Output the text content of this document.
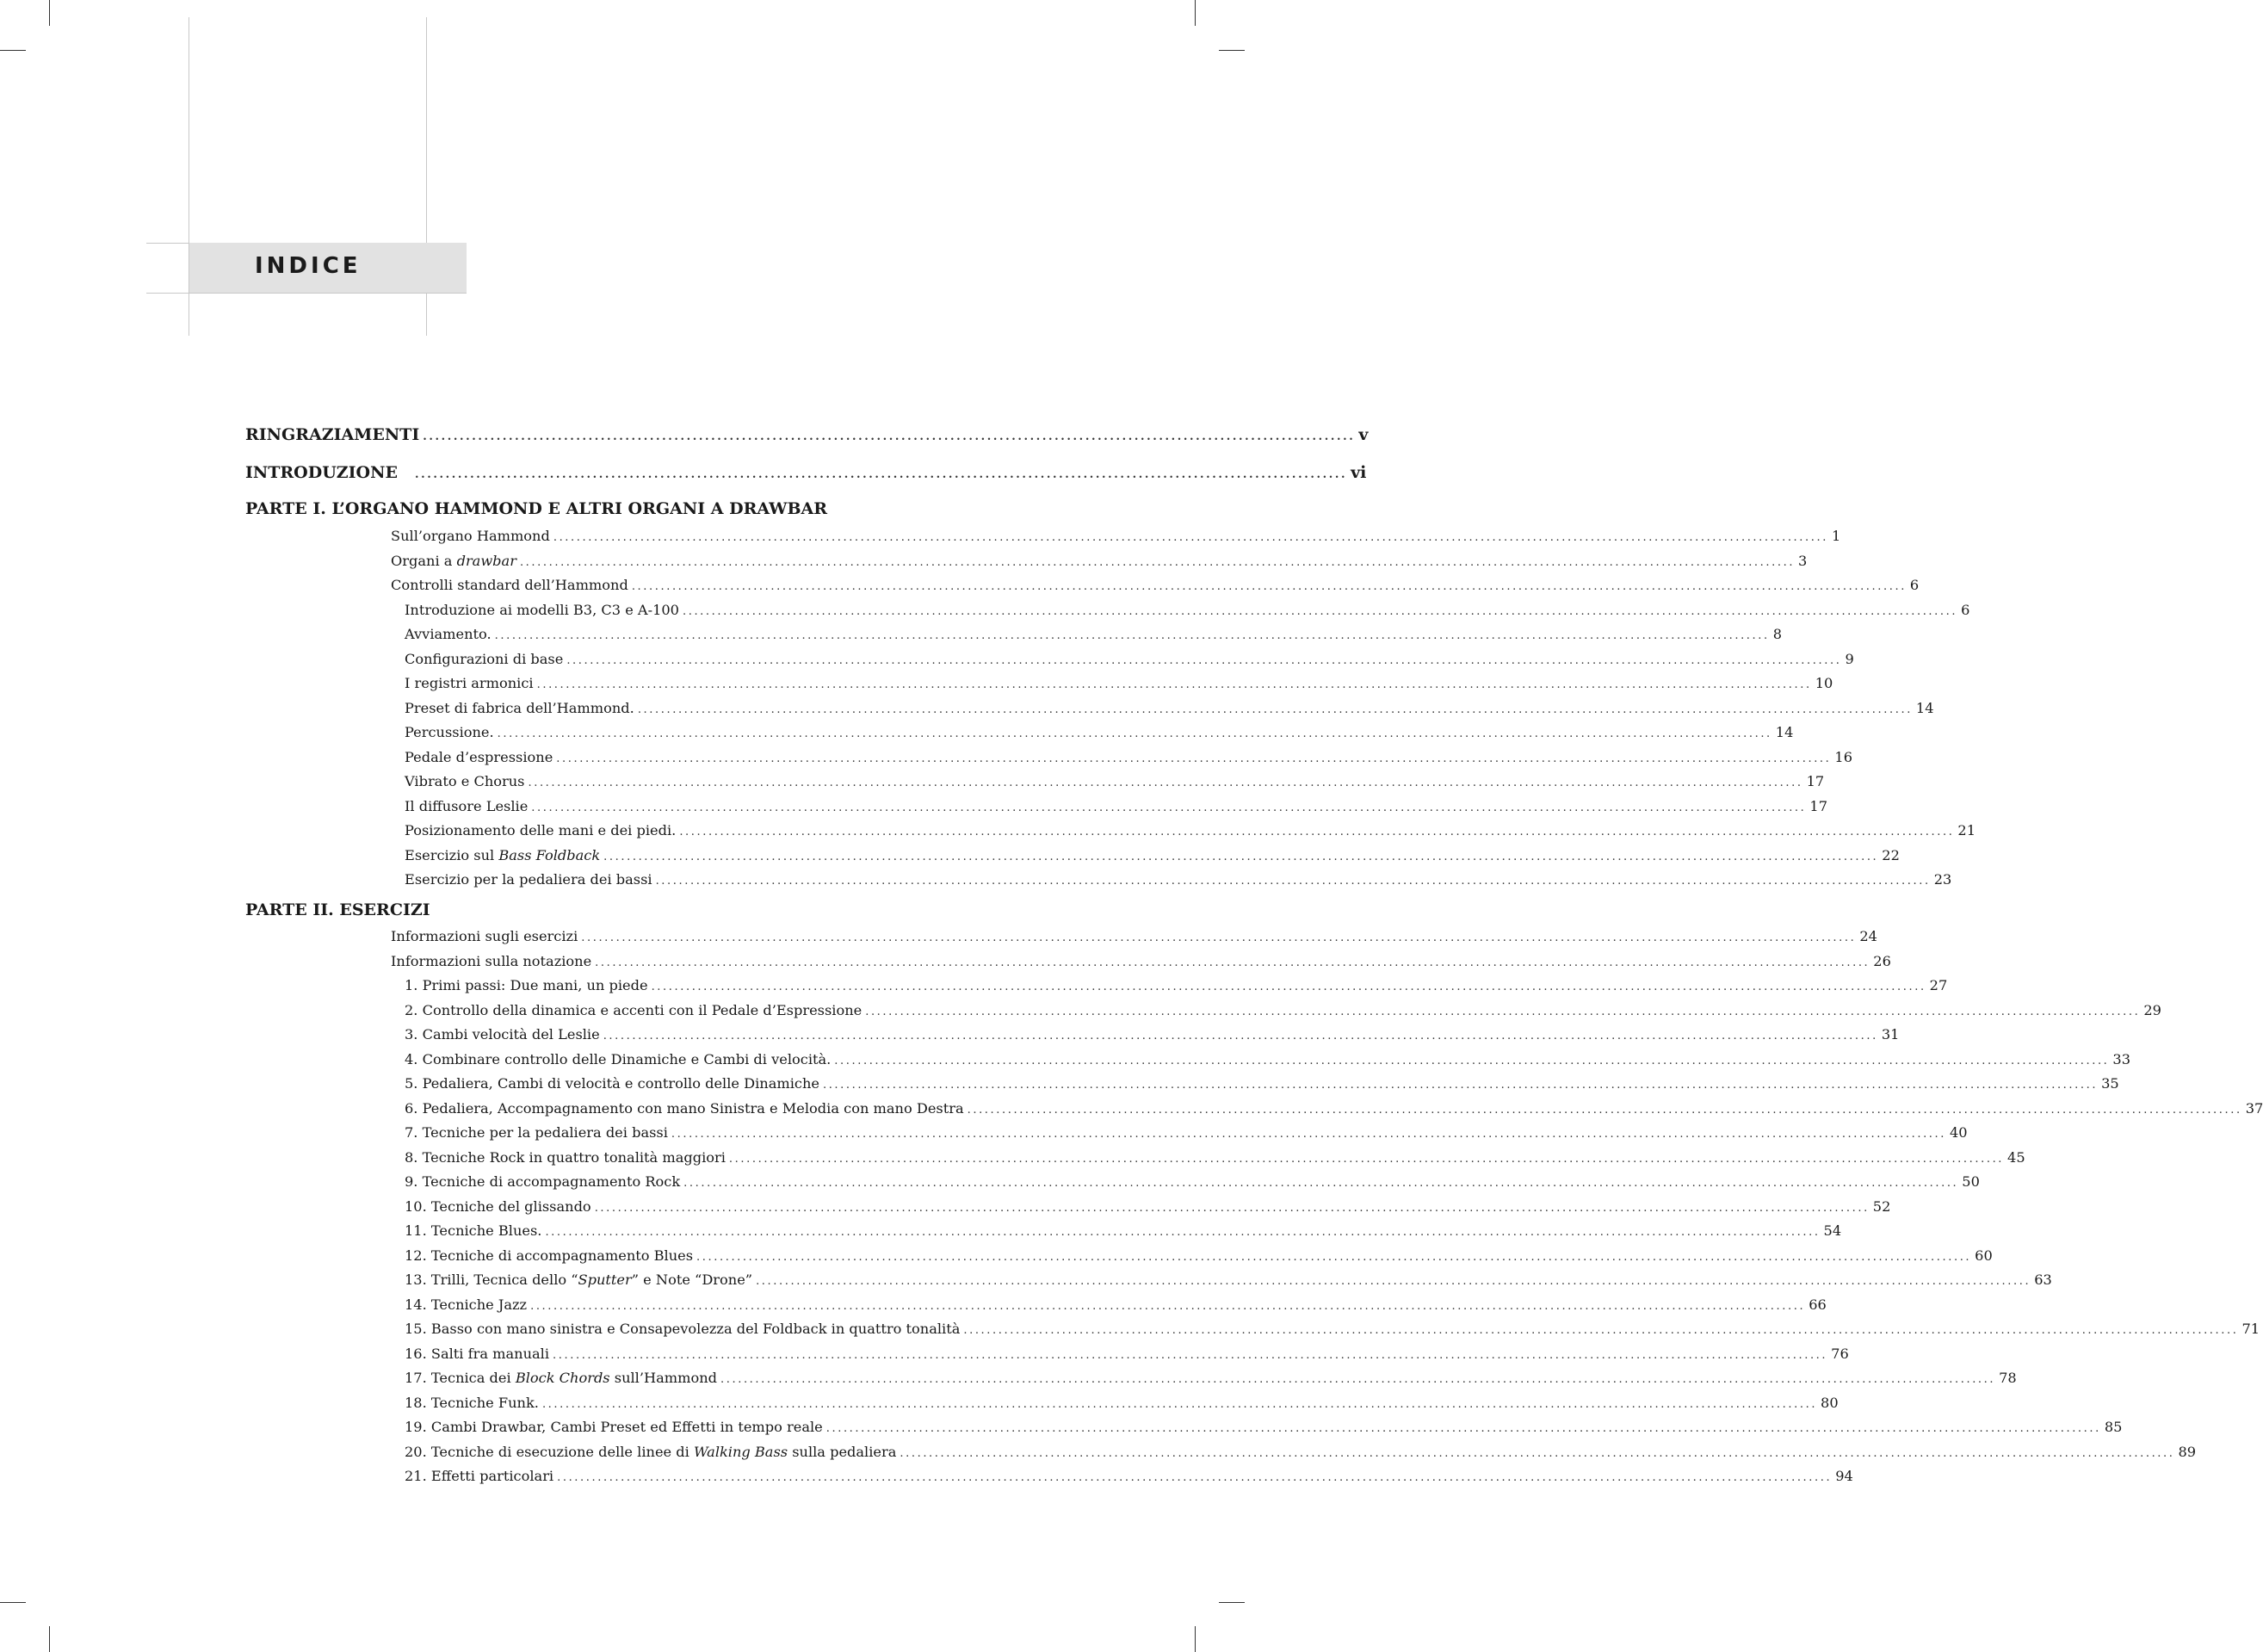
INDICE
RINGRAZIAMENTI ........................................................................................................................................................ v
INTRODUZIONE ........................................................................................................................................................ vi
PARTE I. L’ORGANO HAMMOND E ALTRI ORGANI A DRAWBAR
Sull’organo Hammond ............................................................................................................................................................................................................................ 1
Organi a drawbar ............................................................................................................................................................................................................................ 3
Controlli standard dell’Hammond ............................................................................................................................................................................................................................ 6
Introduzione ai modelli B3, C3 e A-100 ............................................................................................................................................................................................................................ 6
Avviamento. ............................................................................................................................................................................................................................ 8
Configurazioni di base ............................................................................................................................................................................................................................ 9
I registri armonici ............................................................................................................................................................................................................................ 10
Preset di fabrica dell’Hammond. ............................................................................................................................................................................................................................ 14
Percussione. ............................................................................................................................................................................................................................ 14
Pedale d’espressione ............................................................................................................................................................................................................................ 16
Vibrato e Chorus ............................................................................................................................................................................................................................ 17
Il diffusore Leslie ............................................................................................................................................................................................................................ 17
Posizionamento delle mani e dei piedi. ............................................................................................................................................................................................................................ 21
Esercizio sul Bass Foldback ............................................................................................................................................................................................................................ 22
Esercizio per la pedaliera dei bassi ............................................................................................................................................................................................................................ 23
PARTE II. ESERCIZI
Informazioni sugli esercizi ............................................................................................................................................................................................................................ 24
Informazioni sulla notazione ............................................................................................................................................................................................................................ 26
1. Primi passi: Due mani, un piede ............................................................................................................................................................................................................................ 27
2. Controllo della dinamica e accenti con il Pedale d’Espressione ............................................................................................................................................................................................................................ 29
3. Cambi velocità del Leslie ............................................................................................................................................................................................................................ 31
4. Combinare controllo delle Dinamiche e Cambi di velocità. ............................................................................................................................................................................................................................ 33
5. Pedaliera, Cambi di velocità e controllo delle Dinamiche ............................................................................................................................................................................................................................ 35
6. Pedaliera, Accompagnamento con mano Sinistra e Melodia con mano Destra ............................................................................................................................................................................................................................ 37
7. Tecniche per la pedaliera dei bassi ............................................................................................................................................................................................................................ 40
8. Tecniche Rock in quattro tonalità maggiori ............................................................................................................................................................................................................................ 45
9. Tecniche di accompagnamento Rock ............................................................................................................................................................................................................................ 50
10. Tecniche del glissando ............................................................................................................................................................................................................................ 52
11. Tecniche Blues. ............................................................................................................................................................................................................................ 54
12. Tecniche di accompagnamento Blues ............................................................................................................................................................................................................................ 60
13. Trilli, Tecnica dello “Sputter” e Note “Drone” ............................................................................................................................................................................................................................ 63
14. Tecniche Jazz ............................................................................................................................................................................................................................ 66
15. Basso con mano sinistra e Consapevolezza del Foldback in quattro tonalità ............................................................................................................................................................................................................................ 71
16. Salti fra manuali ............................................................................................................................................................................................................................ 76
17. Tecnica dei Block Chords sull’Hammond ............................................................................................................................................................................................................................ 78
18. Tecniche Funk. ............................................................................................................................................................................................................................ 80
19. Cambi Drawbar, Cambi Preset ed Effetti in tempo reale ............................................................................................................................................................................................................................ 85
20. Tecniche di esecuzione delle linee di Walking Bass sulla pedaliera ............................................................................................................................................................................................................................ 89
21. Effetti particolari ............................................................................................................................................................................................................................ 94
